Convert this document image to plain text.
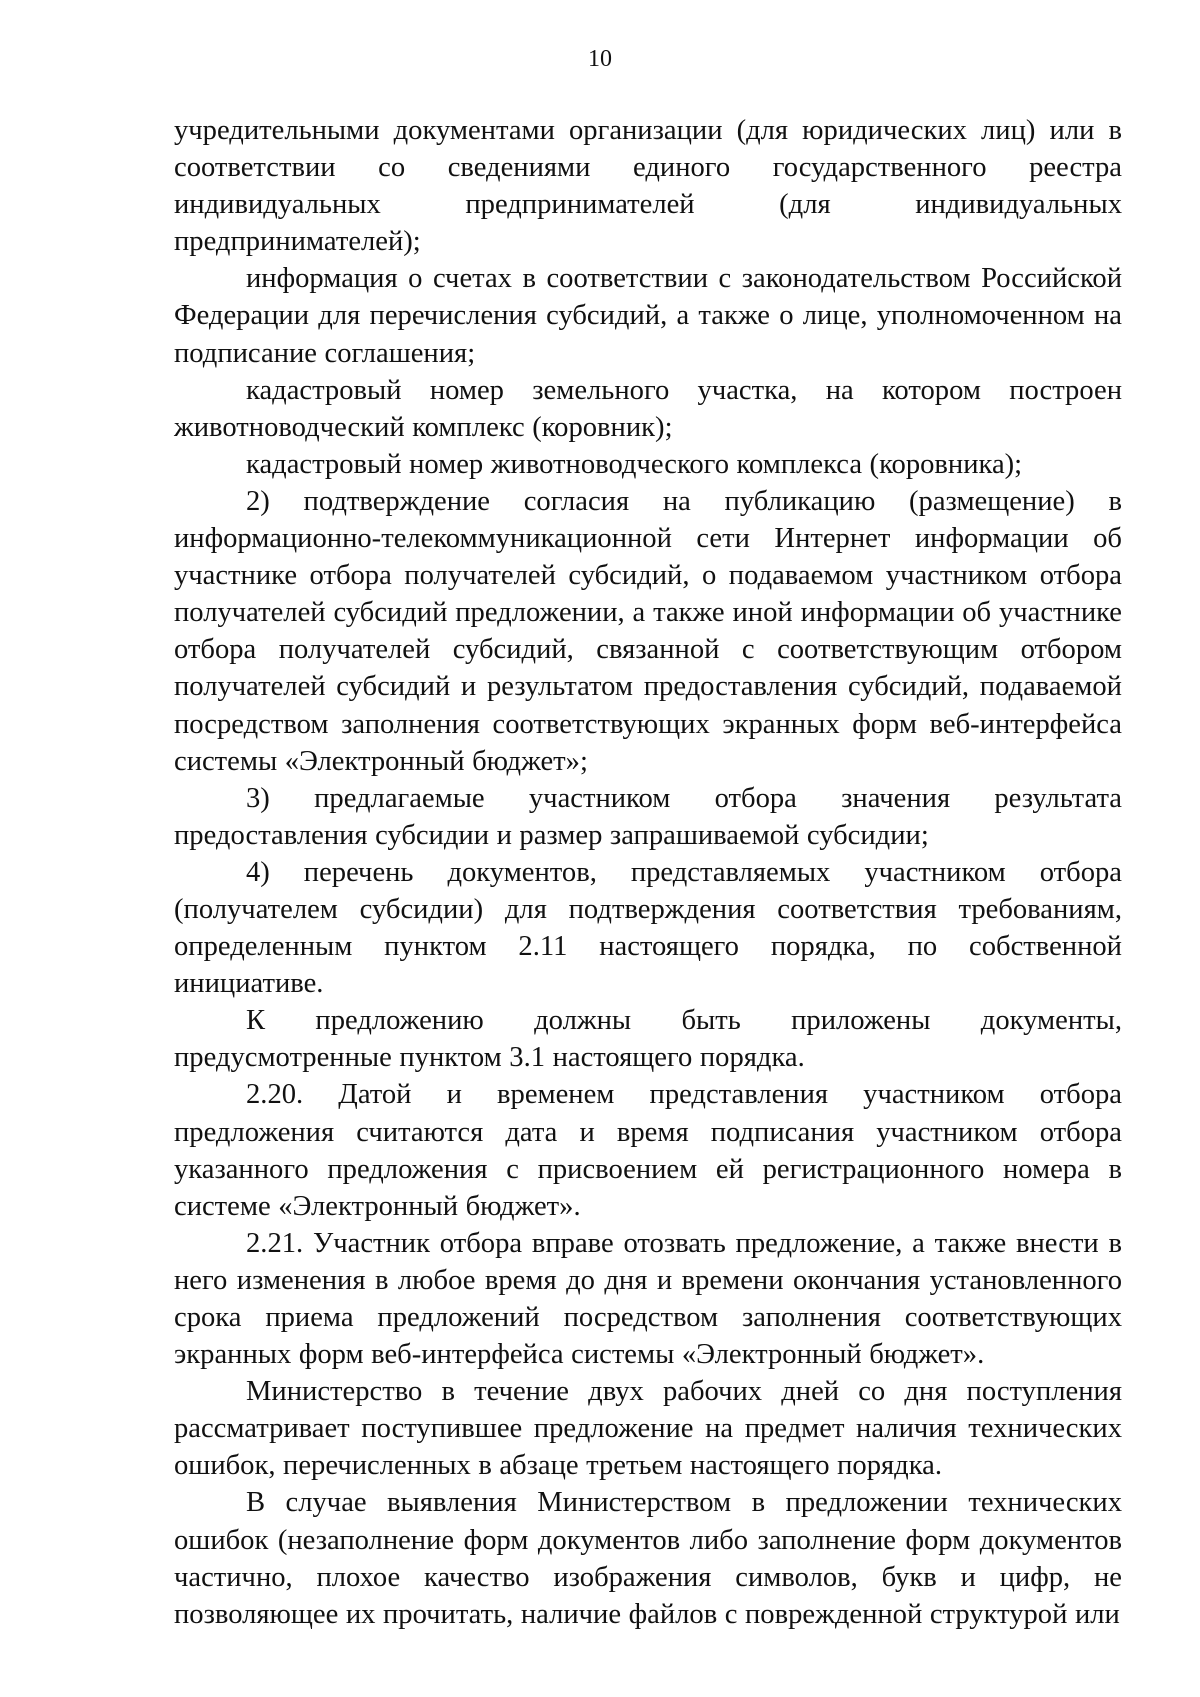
10

учредительными документами организации (для юридических лиц) или в соответствии со сведениями единого государственного реестра индивидуальных предпринимателей (для индивидуальных предпринимателей);

информация о счетах в соответствии с законодательством Российской Федерации для перечисления субсидий, а также о лице, уполномоченном на подписание соглашения;

кадастровый номер земельного участка, на котором построен животноводческий комплекс (коровник);

кадастровый номер животноводческого комплекса (коровника);

2) подтверждение согласия на публикацию (размещение) в информационно-телекоммуникационной сети Интернет информации об участнике отбора получателей субсидий, о подаваемом участником отбора получателей субсидий предложении, а также иной информации об участнике отбора получателей субсидий, связанной с соответствующим отбором получателей субсидий и результатом предоставления субсидий, подаваемой посредством заполнения соответствующих экранных форм веб-интерфейса системы «Электронный бюджет»;

3) предлагаемые участником отбора значения результата предоставления субсидии и размер запрашиваемой субсидии;

4) перечень документов, представляемых участником отбора (получателем субсидии) для подтверждения соответствия требованиям, определенным пунктом 2.11 настоящего порядка, по собственной инициативе.

К предложению должны быть приложены документы, предусмотренные пунктом 3.1 настоящего порядка.

2.20. Датой и временем представления участником отбора предложения считаются дата и время подписания участником отбора указанного предложения с присвоением ей регистрационного номера в системе «Электронный бюджет».

2.21. Участник отбора вправе отозвать предложение, а также внести в него изменения в любое время до дня и времени окончания установленного срока приема предложений посредством заполнения соответствующих экранных форм веб-интерфейса системы «Электронный бюджет».

Министерство в течение двух рабочих дней со дня поступления рассматривает поступившее предложение на предмет наличия технических ошибок, перечисленных в абзаце третьем настоящего порядка.

В случае выявления Министерством в предложении технических ошибок (незаполнение форм документов либо заполнение форм документов частично, плохое качество изображения символов, букв и цифр, не позволяющее их прочитать, наличие файлов с поврежденной структурой или
